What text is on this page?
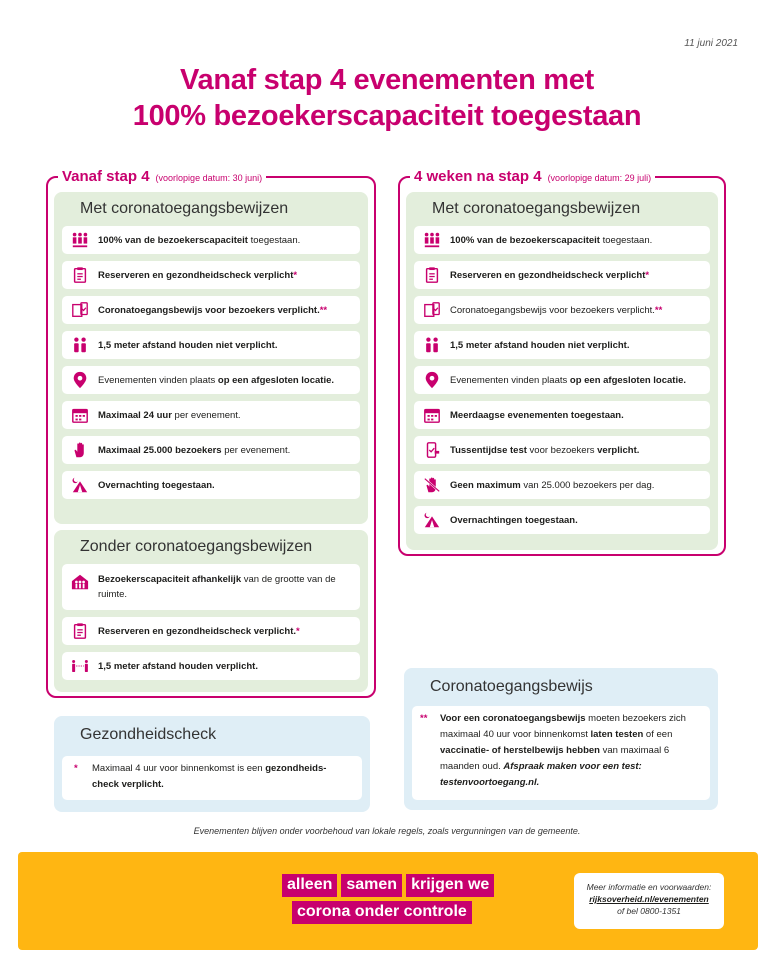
11 juni 2021
Vanaf stap 4 evenementen met
100% bezoekerscapaciteit toegestaan
Vanaf stap 4 (voorlopige datum: 30 juni)
Met coronatoegangsbewijzen
100% van de bezoekerscapaciteit toegestaan.
Reserveren en gezondheidscheck verplicht*
Coronatoegangsbewijs voor bezoekers verplicht.**
1,5 meter afstand houden niet verplicht.
Evenementen vinden plaats op een afgesloten locatie.
Maximaal 24 uur per evenement.
Maximaal 25.000 bezoekers per evenement.
Overnachting toegestaan.
Zonder coronatoegangsbewijzen
Bezoekerscapaciteit afhankelijk van de grootte van de ruimte.
Reserveren en gezondheidscheck verplicht.*
1,5 meter afstand houden verplicht.
4 weken na stap 4 (voorlopige datum: 29 juli)
Met coronatoegangsbewijzen
100% van de bezoekerscapaciteit toegestaan.
Reserveren en gezondheidscheck verplicht*
Coronatoegangsbewijs voor bezoekers verplicht.**
1,5 meter afstand houden niet verplicht.
Evenementen vinden plaats op een afgesloten locatie.
Meerdaagse evenementen toegestaan.
Tussentijdse test voor bezoekers verplicht.
Geen maximum van 25.000 bezoekers per dag.
Overnachtingen toegestaan.
Gezondheidscheck
* Maximaal 4 uur voor binnenkomst is een gezondheids-check verplicht.
Coronatoegangsbewijs
** Voor een coronatoegangsbewijs moeten bezoekers zich maximaal 40 uur voor binnenkomst laten testen of een vaccinatie- of herstelbewijs hebben van maximaal 6 maanden oud. Afspraak maken voor een test: testenvoortoegang.nl.
Evenementen blijven onder voorbehoud van lokale regels, zoals vergunningen van de gemeente.
alleen samen krijgen we
corona onder controle
Meer informatie en voorwaarden:
rijksoverheid.nl/evenementen
of bel 0800-1351
